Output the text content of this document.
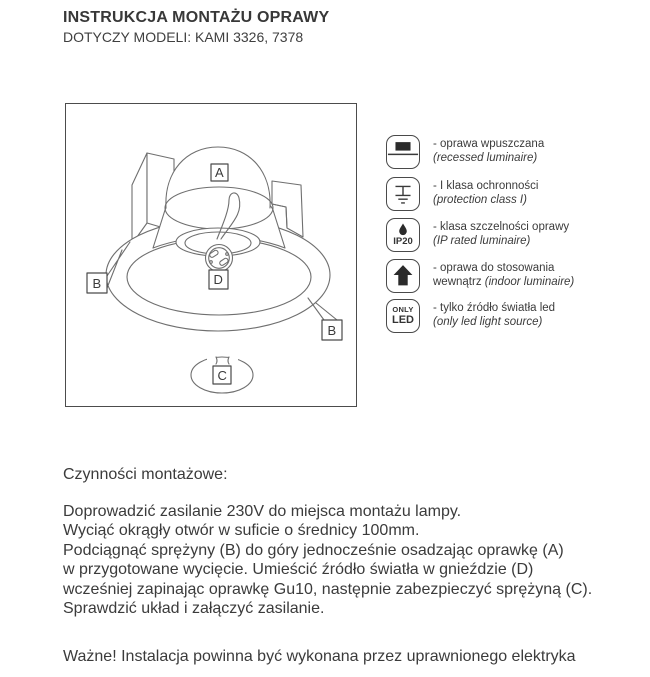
INSTRUKCJA MONTAŻU OPRAWY
DOTYCZY MODELI: KAMI 3326, 7378
A
B
B
D
C
- oprawa wpuszczana
(recessed luminaire)
- I klasa ochronności
(protection class I)
IP20
- klasa szczelności oprawy
(IP rated luminaire)
- oprawa do stosowania
wewnątrz (indoor luminaire)
ONLY
LED
- tylko źródło światła led
(only led light source)
Czynności montażowe:
Doprowadzić zasilanie 230V do miejsca montażu lampy.
Wyciąć okrągły otwór w suficie o średnicy 100mm.
Podciągnąć sprężyny (B) do góry jednocześnie osadzając oprawkę (A)
w przygotowane wycięcie. Umieścić źródło światła w gnieździe (D)
wcześniej zapinając oprawkę Gu10, następnie zabezpieczyć sprężyną (C).
Sprawdzić układ i załączyć zasilanie.
Ważne! Instalacja powinna być wykonana przez uprawnionego elektryka
